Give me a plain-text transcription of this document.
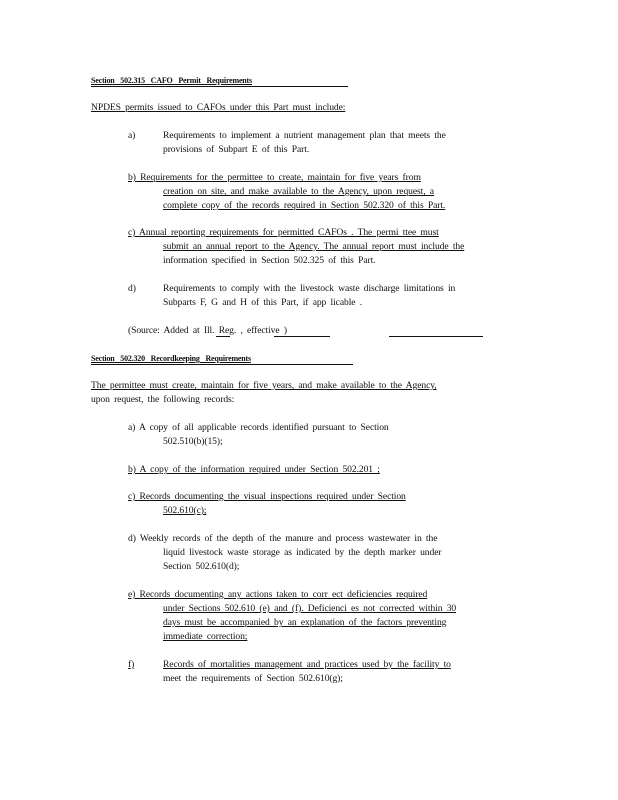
Section 502.315 CAFO Permit Requirements
NPDES permits issued to CAFOs under this Part must include:
a)	Requirements to implement a nutrient management plan that meets the
provisions of Subpart E of this Part.
b) Requirements for the permittee to create, maintain for five years from
creation on site, and make available to the Agency, upon request, a
complete copy of the records required in Section 502.320 of this Part.
c) Annual reporting requirements for permitted CAFOs . The permi ttee must
submit an annual report to the Agency. The annual report must include the
information specified in Section 502.325 of this Part.
d)	Requirements to comply with the livestock waste discharge limitations in
Subparts F, G and H of this Part, if app licable .
(Source: Added at Ill. Reg. , effective )
Section 502.320 Recordkeeping Requirements
The permittee must create, maintain for five years, and make available to the Agency,
upon request, the following records:
a) A copy of all applicable records identified pursuant to Section
502.510(b)(15);
b) A copy of the information required under Section 502.201 ;
c) Records documenting the visual inspections required under Section
502.610(c);
d) Weekly records of the depth of the manure and process wastewater in the
liquid livestock waste storage as indicated by the depth marker under
Section 502.610(d);
e) Records documenting any actions taken to corr ect deficiencies required
under Sections 502.610 (e) and (f). Deficienci es not corrected within 30
days must be accompanied by an explanation of the factors preventing
immediate correction;
f)	Records of mortalities management and practices used by the facility to
meet the requirements of Section 502.610(g);
